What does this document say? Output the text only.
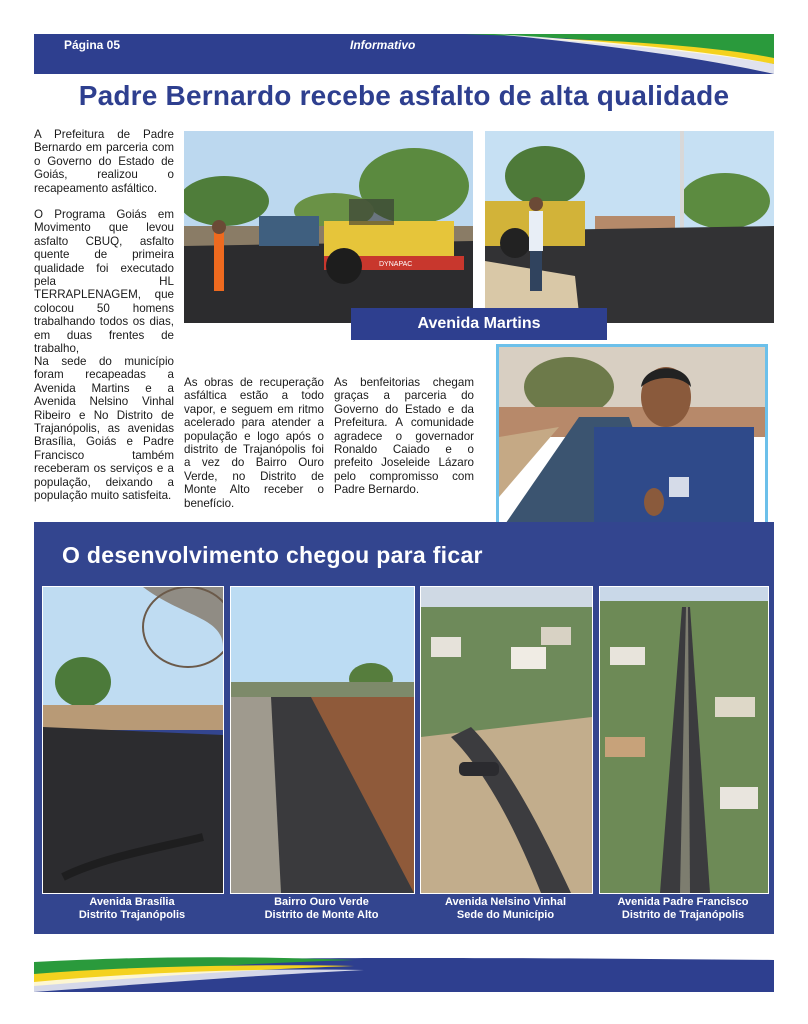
Página 05	Informativo
Padre Bernardo recebe asfalto de alta qualidade
A Prefeitura de Padre Bernardo em parceria com o Governo do Estado de Goiás, realizou o recapeamento asfáltico.
O Programa Goiás em Movimento que levou asfalto CBUQ, asfalto quente de primeira qualidade foi executado pela HL TERRAPLENAGEM, que colocou 50 homens trabalhando todos os dias, em duas frentes de trabalho,
Na sede do município foram recapeadas a Avenida Martins e a Avenida Nelsino Vinhal Ribeiro e No Distrito de Trajanópolis, as avenidas Brasília, Goiás e Padre Francisco também receberam os serviços e a população, deixando a população muito satisfeita.
As obras de recuperação asfáltica estão a todo vapor, e seguem em ritmo acelerado para atender a população e logo após o distrito de Trajanópolis foi a vez do Bairro Ouro Verde, no Distrito de Monte Alto receber o benefício.
As benfeitorias chegam graças a parceria do Governo do Estado e da Prefeitura. A comunidade agradece o governador Ronaldo Caiado e o prefeito Joseleide Lázaro pelo compromisso com Padre Bernardo.
DYNAPAC
Avenida Martins
O desenvolvimento chegou para ficar
Avenida Brasília
Distrito Trajanópolis
Bairro Ouro Verde
Distrito de Monte Alto
Avenida Nelsino Vinhal
Sede do Município
Avenida Padre Francisco
Distrito de Trajanópolis
